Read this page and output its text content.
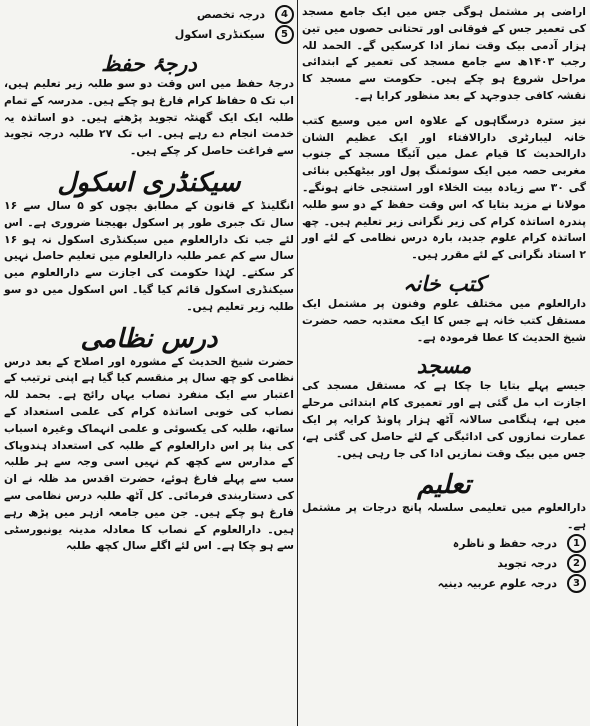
اراضی پر مشتمل ہوگی جس میں ایک جامع مسجد کی تعمیر جس کے فوقانی اور تحتانی حصوں میں تین ہزار آدمی بیک وقت نماز ادا کرسکیں گے۔ الحمد للہ رجب ۱۴۰۳ھ سے جامع مسجد کی تعمیر کے ابتدائی مراحل شروع ہو چکے ہیں۔ حکومت سے مسجد کا نقشہ کافی جدوجہد کے بعد منظور کرایا ہے۔

نیز سترہ درسگاہوں کے علاوہ اس میں وسیع کتب خانہ لیبارٹری دارالافتاء اور ایک عظیم الشان دارالحدیث کا قیام عمل میں آئیگا مسجد کے جنوب مغربی حصہ میں ایک سوئمنگ پول اور بیٹھکیں بنائی گی ۳۰ سے زیادہ بیت الخلاء اور استنجی خانے ہونگے۔ مولانا نے مزید بتایا کہ اس وقت حفظ کے دو سو طلبہ پندرہ اساتذہ کرام کی زیر نگرانی زیر تعلیم ہیں۔ چھ اساتذہ کرام علوم جدید، بارہ درس نظامی کے لئے اور ۲ استاد نگرانی کے لئے مقرر ہیں۔

کتب خانہ

دارالعلوم میں مختلف علوم وفنون پر مشتمل ایک مستقل کتب خانہ ہے جس کا ایک معتدبہ حصہ حضرت شیخ الحدیث کا عطا فرمودہ ہے۔

مسجد

جیسے پہلے بتایا جا چکا ہے کہ مستقل مسجد کی اجازت اب مل گئی ہے اور تعمیری کام ابتدائی مرحلے میں ہے، ہنگامی سالانہ آٹھ ہزار پاونڈ کرایہ پر ایک عمارت نمازوں کی ادائیگی کے لئے حاصل کی گئی ہے، جس میں بیک وقت نمازیں ادا کی جا رہی ہیں۔

تعلیم

دارالعلوم میں تعلیمی سلسلہ پانچ درجات پر مشتمل ہے۔

1
درجہ حفظ و ناظرہ
2
درجہ تجوید
3
درجہ علوم عربیہ دینیہ
4
درجہ تخصص
5
سیکنڈری اسکول
درجۂ حفظ

درجۂ حفظ میں اس وقت دو سو طلبہ زیر تعلیم ہیں، اب تک ۵ حفاظ کرام فارغ ہو چکے ہیں۔ مدرسہ کے تمام طلبہ ایک ایک گھنٹہ تجوید پڑھتے ہیں۔ دو اساتذہ یہ خدمت انجام دے رہے ہیں۔ اب تک ۲۷ طلبہ درجہ تجوید سے فراغت حاصل کر چکے ہیں۔

سیکنڈری اسکول

انگلینڈ کے قانون کے مطابق بچوں کو ۵ سال سے ۱۶ سال تک جبری طور پر اسکول بھیجنا ضروری ہے۔ اس لئے جب تک دارالعلوم میں سیکنڈری اسکول نہ ہو ۱۶ سال سے کم عمر طلبہ دارالعلوم میں تعلیم حاصل نہیں کر سکتے۔ لہٰذا حکومت کی اجازت سے دارالعلوم میں سیکنڈری اسکول قائم کیا گیا۔ اس اسکول میں دو سو طلبہ زیر تعلیم ہیں۔

درس نظامی

حضرت شیخ الحدیث کے مشورہ اور اصلاح کے بعد درس نظامی کو چھ سال پر منقسم کیا گیا ہے اپنی ترتیب کے اعتبار سے ایک منفرد نصاب یہاں رائج ہے۔ بحمد للہ نصاب کی خوبی اساتذہ کرام کی علمی استعداد کے ساتھ، طلبہ کی یکسوئی و علمی انہماک وغیرہ اسباب کی بنا پر اس دارالعلوم کے طلبہ کی استعداد ہندوپاک کے مدارس سے کچھ کم نہیں اسی وجہ سے ہر طلبہ سب سے پہلے فارغ ہوئے، حضرت اقدس مد ظلہ نے ان کی دستاربندی فرمائی۔ کل آٹھ طلبہ درس نظامی سے فارغ ہو چکے ہیں۔ جن میں جامعہ ازہر میں پڑھ رہے ہیں۔ دارالعلوم کے نصاب کا معادلہ مدینہ یونیورسٹی سے ہو چکا ہے۔ اس لئے اگلے سال کچھ طلبہ
